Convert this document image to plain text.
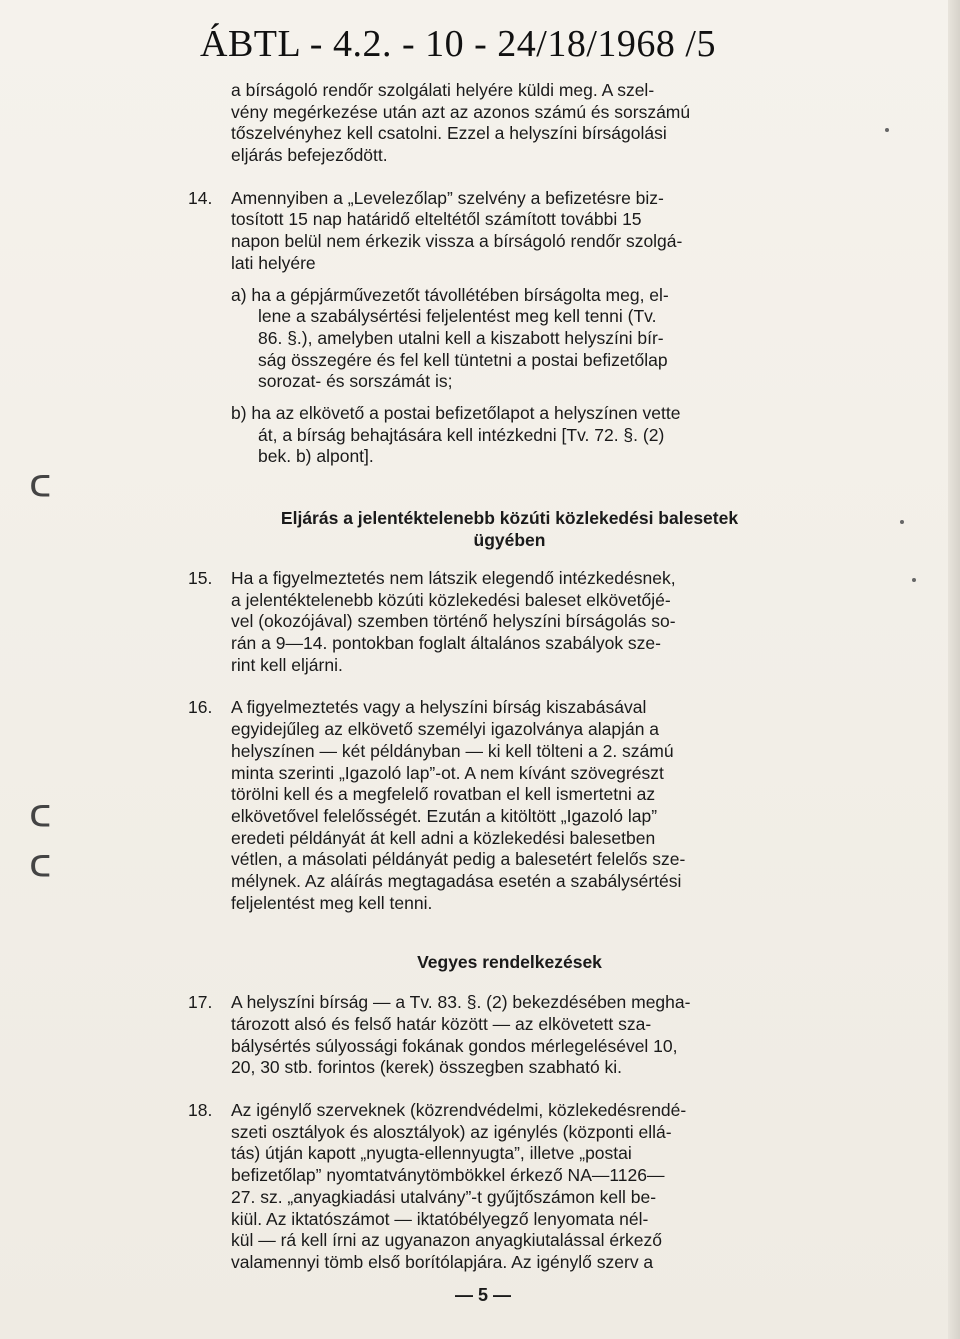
ÁBTL - 4.2. - 10 - 24/18/1968 /5
a bírságoló rendőr szolgálati helyére küldi meg. A szel-
vény megérkezése után azt az azonos számú és sorszámú
tőszelvényhez kell csatolni. Ezzel a helyszíni bírságolási
eljárás befejeződött.
14. Amennyiben a „Levelezőlap” szelvény a befizetésre biz-
tosított 15 nap határidő elteltétől számított további 15
napon belül nem érkezik vissza a bírságoló rendőr szolgá-
lati helyére
a) ha a gépjárművezetőt távollétében bírságolta meg, el-
lene a szabálysértési feljelentést meg kell tenni (Tv.
86. §.), amelyben utalni kell a kiszabott helyszíni bír-
ság összegére és fel kell tüntetni a postai befizetőlap
sorozat- és sorszámát is;
b) ha az elkövető a postai befizetőlapot a helyszínen vette
át, a bírság behajtására kell intézkedni [Tv. 72. §. (2)
bek. b) alpont].
Eljárás a jelentéktelenebb közúti közlekedési balesetek
ügyében
15. Ha a figyelmeztetés nem látszik elegendő intézkedésnek,
a jelentéktelenebb közúti közlekedési baleset elkövetőjé-
vel (okozójával) szemben történő helyszíni bírságolás so-
rán a 9—14. pontokban foglalt általános szabályok sze-
rint kell eljárni.
16. A figyelmeztetés vagy a helyszíni bírság kiszabásával
egyidejűleg az elkövető személyi igazolványa alapján a
helyszínen — két példányban — ki kell tölteni a 2. számú
minta szerinti „Igazoló lap”-ot. A nem kívánt szövegrészt
törölni kell és a megfelelő rovatban el kell ismertetni az
elkövetővel felelősségét. Ezután a kitöltött „Igazoló lap”
eredeti példányát át kell adni a közlekedési balesetben
vétlen, a másolati példányát pedig a balesetért felelős sze-
mélynek. Az aláírás megtagadása esetén a szabálysértési
feljelentést meg kell tenni.
Vegyes rendelkezések
17. A helyszíni bírság — a Tv. 83. §. (2) bekezdésében megha-
tározott alsó és felső határ között — az elkövetett sza-
bálysértés súlyossági fokának gondos mérlegelésével 10,
20, 30 stb. forintos (kerek) összegben szabható ki.
18. Az igénylő szerveknek (közrendvédelmi, közlekedésrendé-
szeti osztályok és alosztályok) az igénylés (központi ellá-
tás) útján kapott „nyugta-ellennyugta”, illetve „postai
befizetőlap” nyomtatványtömbökkel érkező NA—1126—
27. sz. „anyagkiadási utalvány”-t gyűjtőszámon kell be-
kiül. Az iktatószámot — iktatóbélyegző lenyomata nél-
kül — rá kell írni az ugyanazon anyagkiutalással érkező
valamennyi tömb első borítólapjára. Az igénylő szerv a
— 5 —
ᑕ
ᑕ
ᑕ
